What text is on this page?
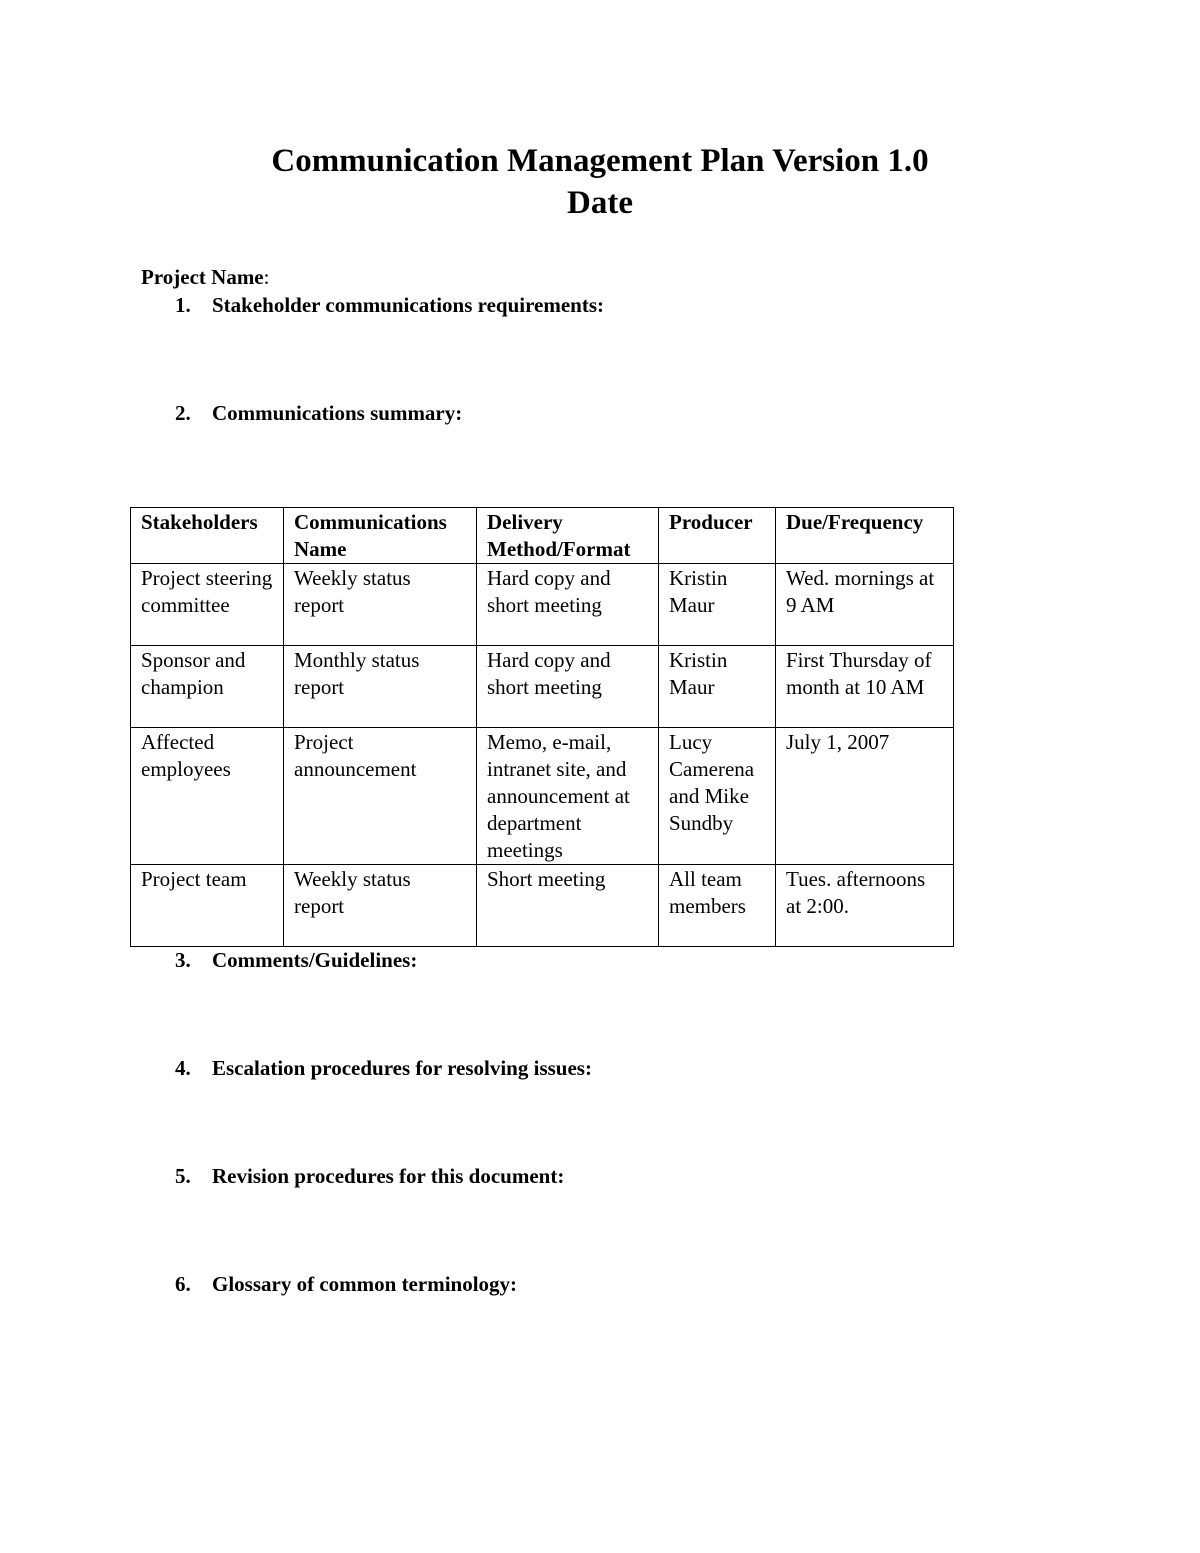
Communication Management Plan Version 1.0
Date
Project Name:
1. Stakeholder communications requirements:
2. Communications summary:
Stakeholders	Communications Name	Delivery Method/Format	Producer	Due/Frequency
Project steering committee	Weekly status report	Hard copy and short meeting	Kristin Maur	Wed. mornings at 9 AM
Sponsor and champion	Monthly status report	Hard copy and short meeting	Kristin Maur	First Thursday of month at 10 AM
Affected employees	Project announcement	Memo, e-mail, intranet site, and announcement at department meetings	Lucy Camerena and Mike Sundby	July 1, 2007
Project team	Weekly status report	Short meeting	All team members	Tues. afternoons at 2:00.
3. Comments/Guidelines:
4. Escalation procedures for resolving issues:
5. Revision procedures for this document:
6. Glossary of common terminology:
